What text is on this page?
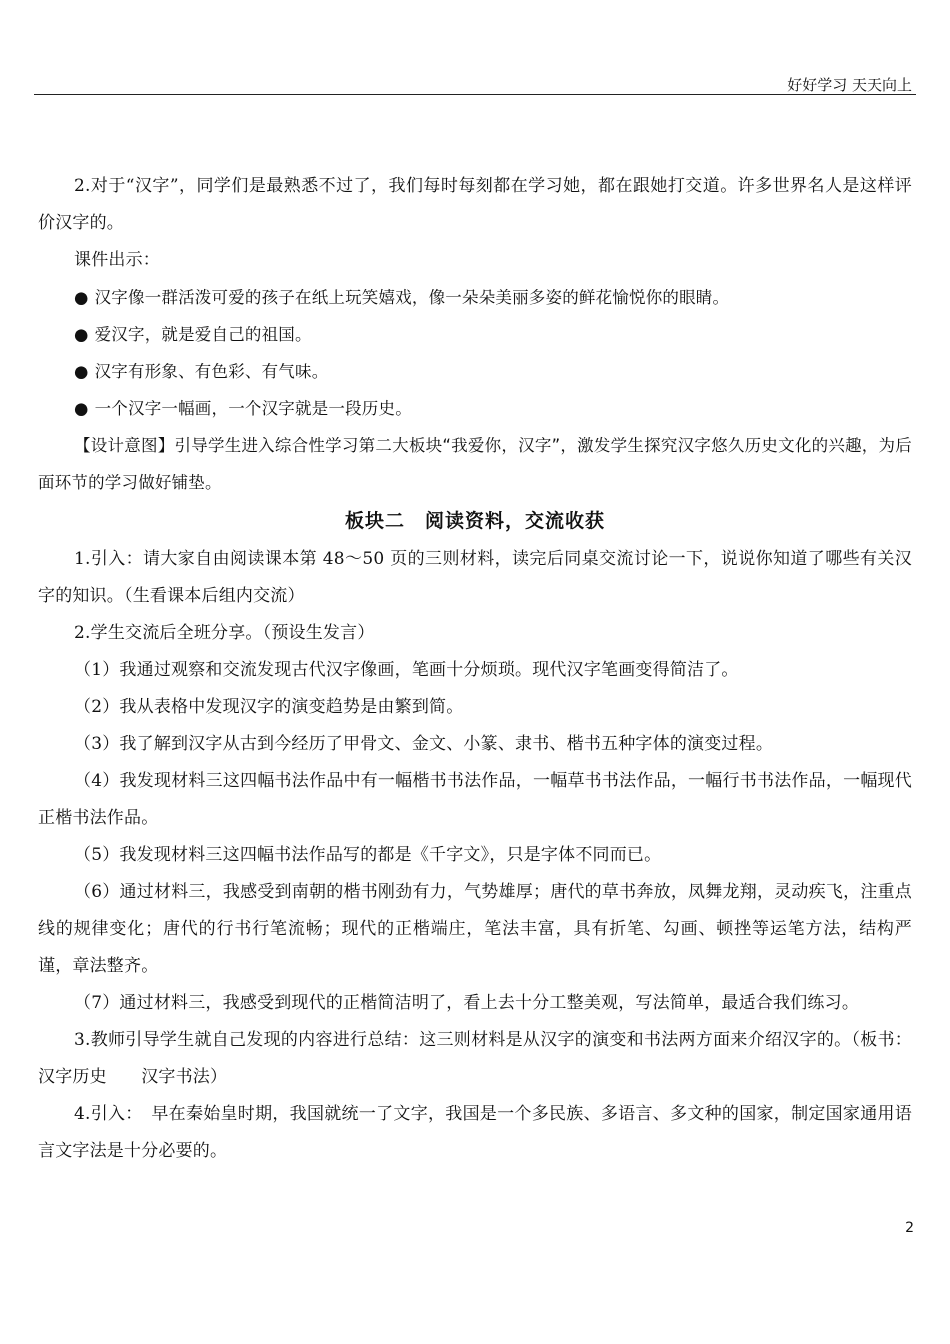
好好学习 天天向上

2.对于“汉字”，同学们是最熟悉不过了，我们每时每刻都在学习她，都在跟她打交道。许多世界名人是这样评价汉字的。

课件出示：

● 汉字像一群活泼可爱的孩子在纸上玩笑嬉戏，像一朵朵美丽多姿的鲜花愉悦你的眼睛。

● 爱汉字，就是爱自己的祖国。

● 汉字有形象、有色彩、有气味。

● 一个汉字一幅画，一个汉字就是一段历史。

【设计意图】引导学生进入综合性学习第二大板块“我爱你，汉字”，激发学生探究汉字悠久历史文化的兴趣，为后面环节的学习做好铺垫。

板块二　阅读资料，交流收获

1.引入：请大家自由阅读课本第 48～50 页的三则材料，读完后同桌交流讨论一下，说说你知道了哪些有关汉字的知识。（生看课本后组内交流）

2.学生交流后全班分享。（预设生发言）

（1）我通过观察和交流发现古代汉字像画，笔画十分烦琐。现代汉字笔画变得简洁了。

（2）我从表格中发现汉字的演变趋势是由繁到简。

（3）我了解到汉字从古到今经历了甲骨文、金文、小篆、隶书、楷书五种字体的演变过程。

（4）我发现材料三这四幅书法作品中有一幅楷书书法作品，一幅草书书法作品，一幅行书书法作品，一幅现代正楷书法作品。

（5）我发现材料三这四幅书法作品写的都是《千字文》，只是字体不同而已。

（6）通过材料三，我感受到南朝的楷书刚劲有力，气势雄厚；唐代的草书奔放，凤舞龙翔，灵动疾飞，注重点线的规律变化；唐代的行书行笔流畅；现代的正楷端庄，笔法丰富，具有折笔、勾画、顿挫等运笔方法，结构严谨，章法整齐。

（7）通过材料三，我感受到现代的正楷简洁明了，看上去十分工整美观，写法简单，最适合我们练习。

3.教师引导学生就自己发现的内容进行总结：这三则材料是从汉字的演变和书法两方面来介绍汉字的。（板书：汉字历史　　汉字书法）

4.引入：　早在秦始皇时期，我国就统一了文字，我国是一个多民族、多语言、多文种的国家，制定国家通用语言文字法是十分必要的。

2
